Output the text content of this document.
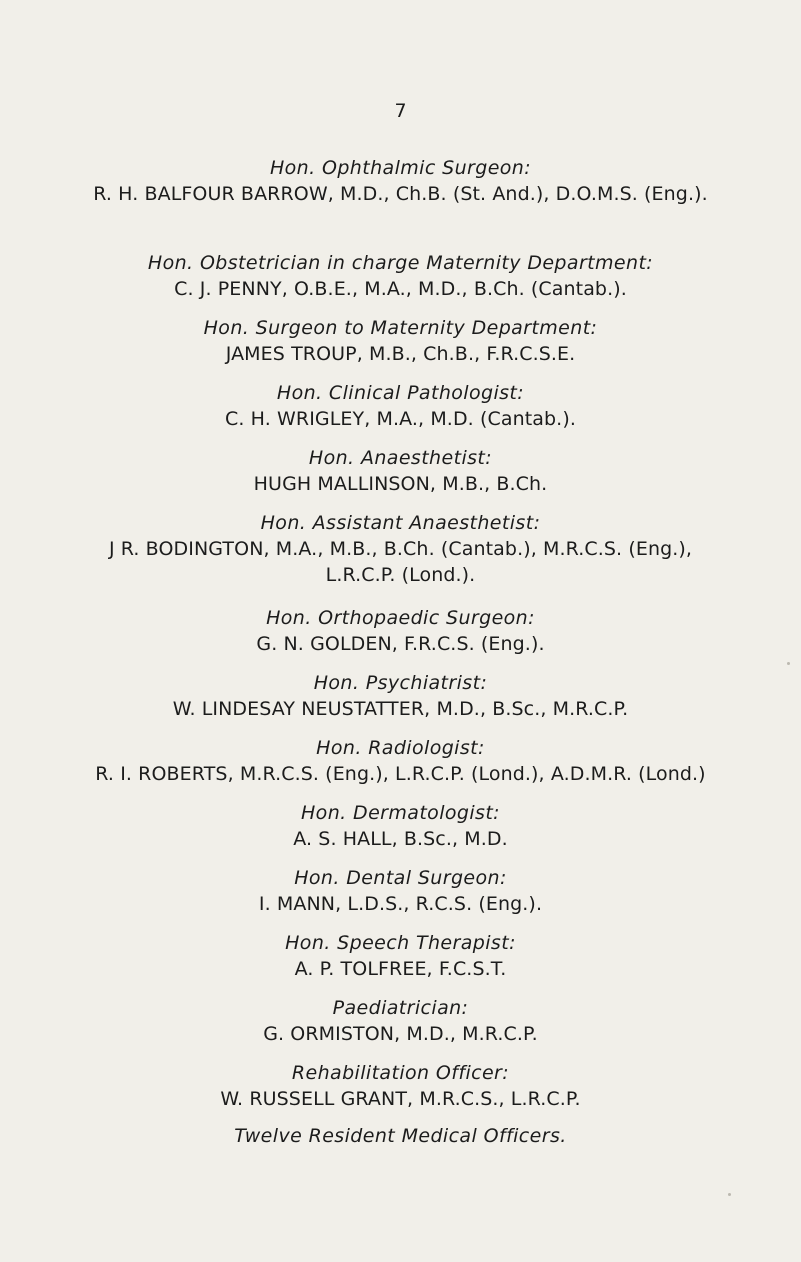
7
Hon. Ophthalmic Surgeon:
R. H. BALFOUR BARROW, M.D., Ch.B. (St. And.), D.O.M.S. (Eng.).
Hon. Obstetrician in charge Maternity Department:
C. J. PENNY, O.B.E., M.A., M.D., B.Ch. (Cantab.).
Hon. Surgeon to Maternity Department:
JAMES TROUP, M.B., Ch.B., F.R.C.S.E.
Hon. Clinical Pathologist:
C. H. WRIGLEY, M.A., M.D. (Cantab.).
Hon. Anaesthetist:
HUGH MALLINSON, M.B., B.Ch.
Hon. Assistant Anaesthetist:
J R. BODINGTON, M.A., M.B., B.Ch. (Cantab.), M.R.C.S. (Eng.),
L.R.C.P. (Lond.).
Hon. Orthopaedic Surgeon:
G. N. GOLDEN, F.R.C.S. (Eng.).
Hon. Psychiatrist:
W. LINDESAY NEUSTATTER, M.D., B.Sc., M.R.C.P.
Hon. Radiologist:
R. I. ROBERTS, M.R.C.S. (Eng.), L.R.C.P. (Lond.), A.D.M.R. (Lond.)
Hon. Dermatologist:
A. S. HALL, B.Sc., M.D.
Hon. Dental Surgeon:
I. MANN, L.D.S., R.C.S. (Eng.).
Hon. Speech Therapist:
A. P. TOLFREE, F.C.S.T.
Paediatrician:
G. ORMISTON, M.D., M.R.C.P.
Rehabilitation Officer:
W. RUSSELL GRANT, M.R.C.S., L.R.C.P.
Twelve Resident Medical Officers.
